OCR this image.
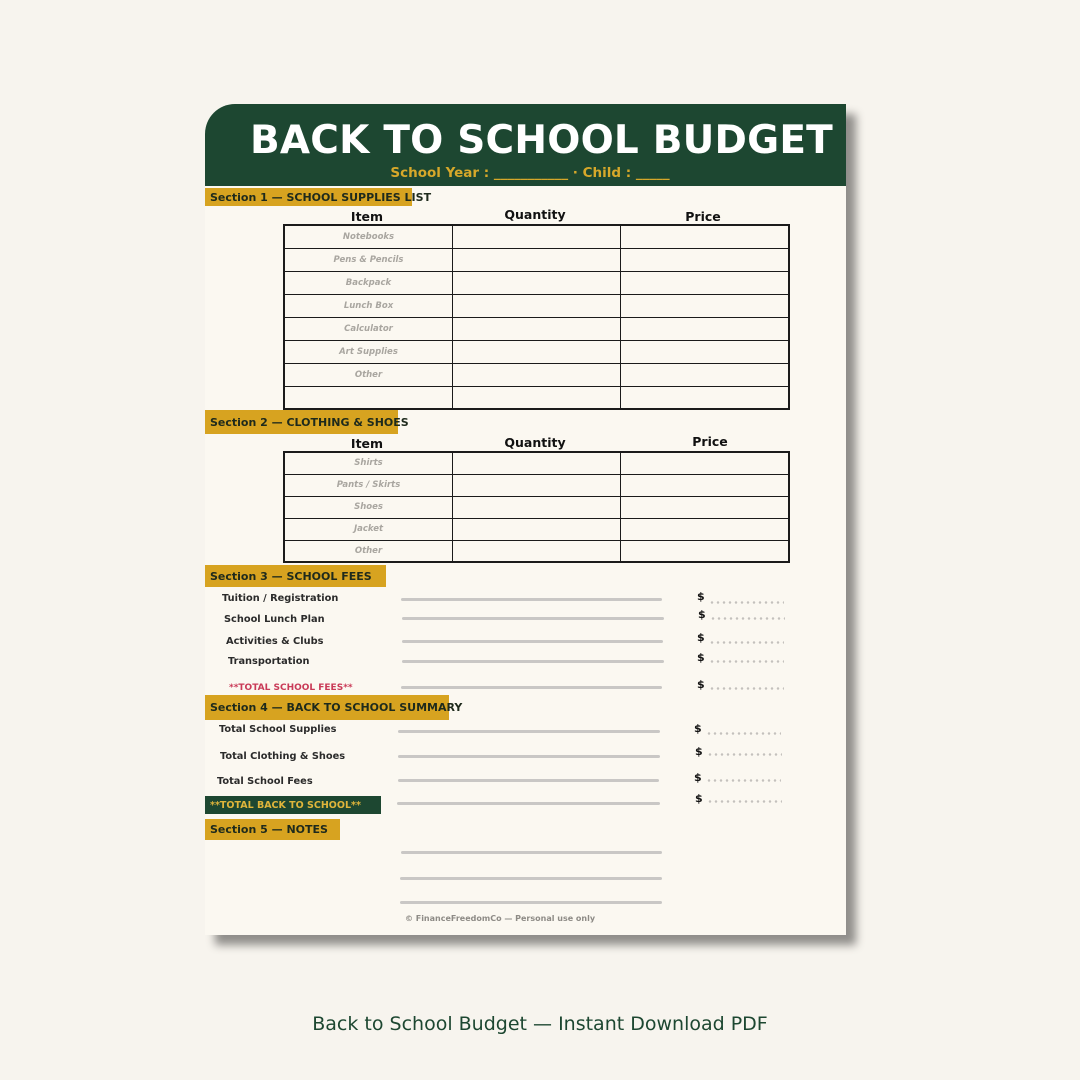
BACK TO SCHOOL BUDGET
School Year : ___________ · Child : _____
Section 1 — SCHOOL SUPPLIES LIST
Item	Quantity	Price
Notebooks		
Pens & Pencils		
Backpack		
Lunch Box		
Calculator		
Art Supplies		
Other		

Section 2 — CLOTHING & SHOES
Item	Quantity	Price
Shirts		
Pants / Skirts		
Shoes		
Jacket		
Other		
Section 3 — SCHOOL FEES
Tuition / Registration	$
School Lunch Plan	$
Activities & Clubs	$
Transportation	$
**TOTAL SCHOOL FEES**	$
Section 4 — BACK TO SCHOOL SUMMARY
Total School Supplies	$
Total Clothing & Shoes	$
Total School Fees	$
**TOTAL BACK TO SCHOOL**	$
Section 5 — NOTES
© FinanceFreedomCo — Personal use only
Back to School Budget — Instant Download PDF
